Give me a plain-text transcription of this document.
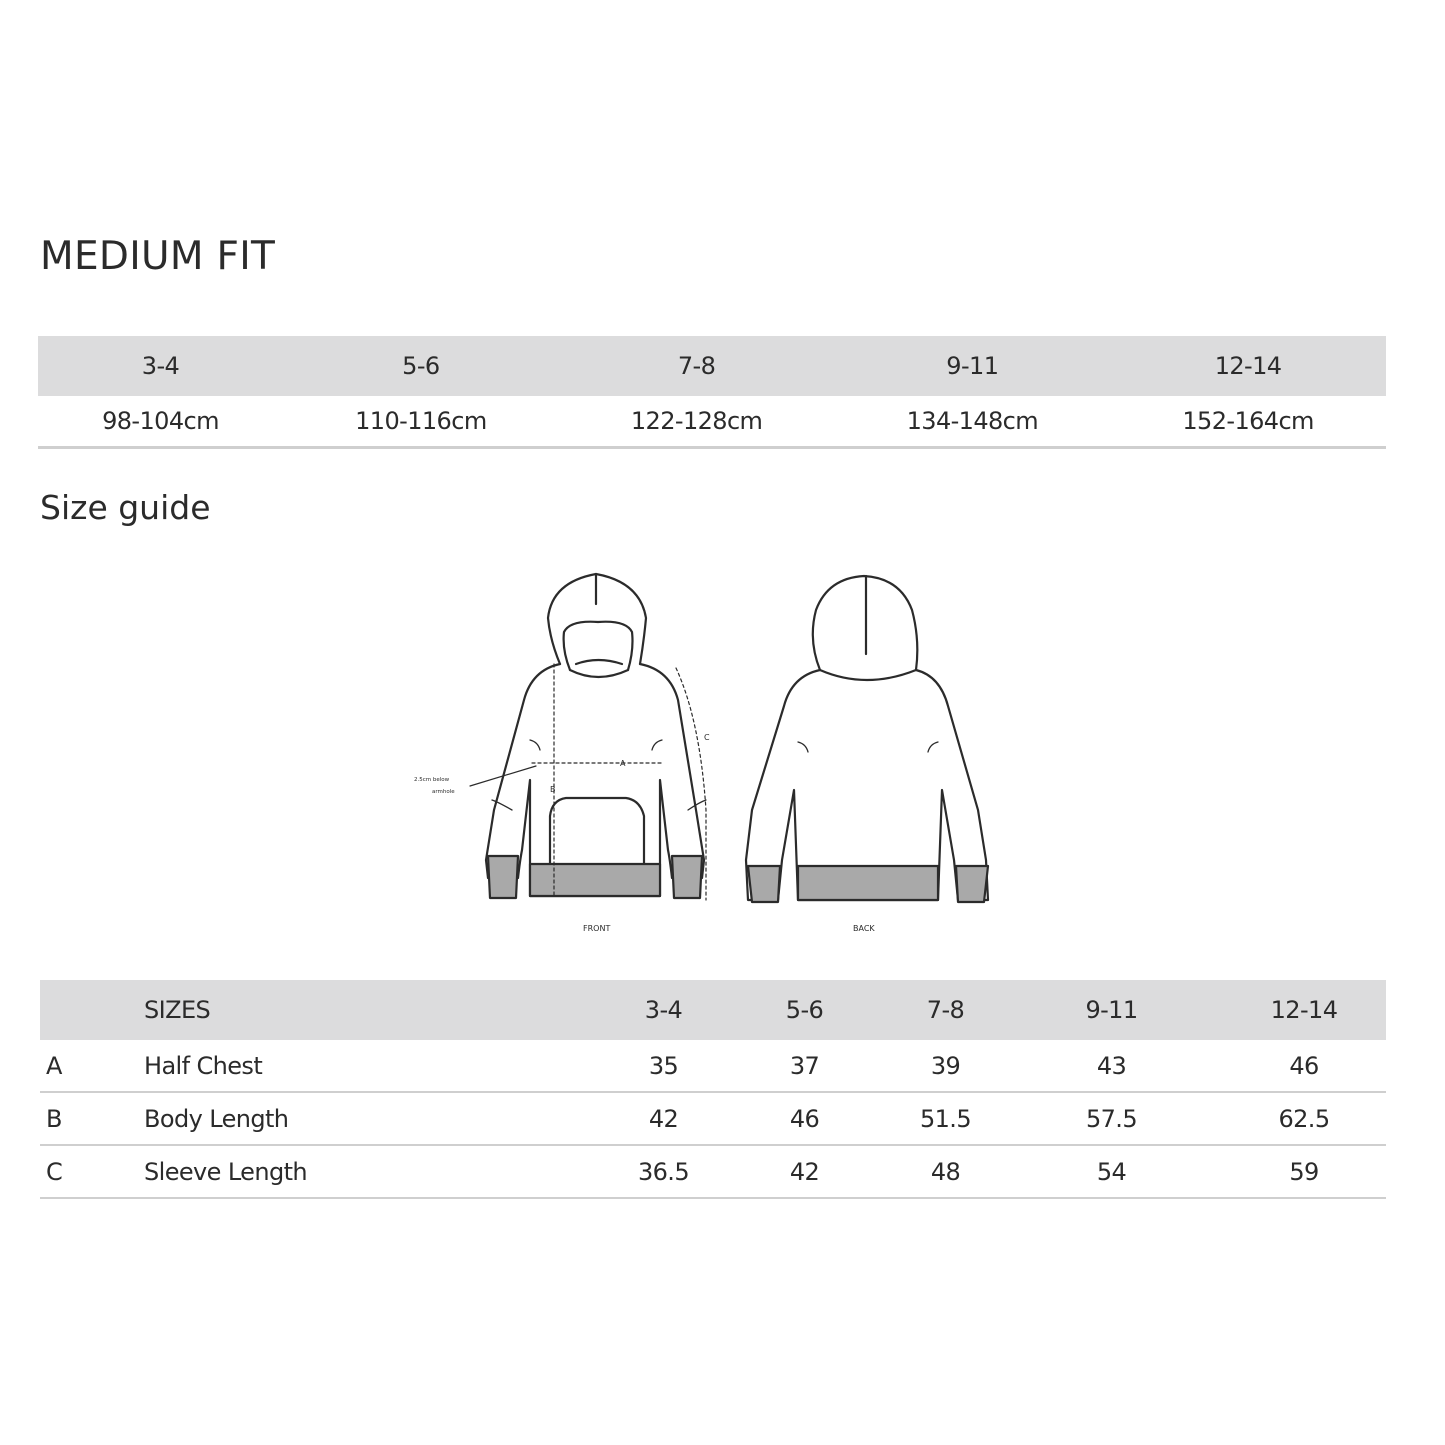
MEDIUM FIT
3-4	5-6	7-8	9-11	12-14
98-104cm	110-116cm	122-128cm	134-148cm	152-164cm
Size guide
A
B
C
2.5cm below
armhole
FRONT	BACK
	SIZES	3-4	5-6	7-8	9-11	12-14
A	Half Chest	35	37	39	43	46
B	Body Length	42	46	51.5	57.5	62.5
C	Sleeve Length	36.5	42	48	54	59
